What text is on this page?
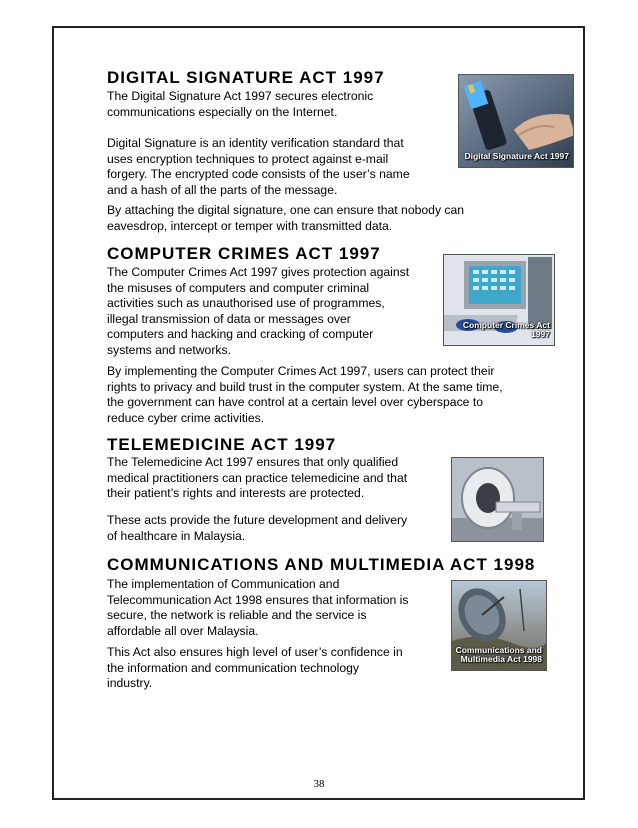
DIGITAL SIGNATURE ACT 1997

The Digital Signature Act 1997 secures electronic
communications especially on the Internet.

Digital Signature is an identity verification standard that
uses encryption techniques to protect against e-mail
forgery. The encrypted code consists of the user’s name
and a hash of all the parts of the message.

By attaching the digital signature, one can ensure that nobody can
eavesdrop, intercept or temper with transmitted data.

Digital Signature Act 1997
COMPUTER CRIMES ACT 1997

The Computer Crimes Act 1997 gives protection against
the misuses of computers and computer criminal
activities such as unauthorised use of programmes,
illegal transmission of data or messages over
computers and hacking and cracking of computer
systems and networks.

By implementing the Computer Crimes Act 1997, users can protect their
rights to privacy and build trust in the computer system. At the same time,
the government can have control at a certain level over cyberspace to
reduce cyber crime activities.

Computer Crimes Act 1997
TELEMEDICINE ACT 1997

The Telemedicine Act 1997 ensures that only qualified
medical practitioners can practice telemedicine and that
their patient’s rights and interests are protected.

These acts provide the future development and delivery
of healthcare in Malaysia.

COMMUNICATIONS AND MULTIMEDIA ACT 1998

The implementation of Communication and
Telecommunication Act 1998 ensures that information is
secure, the network is reliable and the service is
affordable all over Malaysia.

This Act also ensures high level of user’s confidence in
the information and communication technology
industry.

Communications and
Multimedia Act 1998
38
